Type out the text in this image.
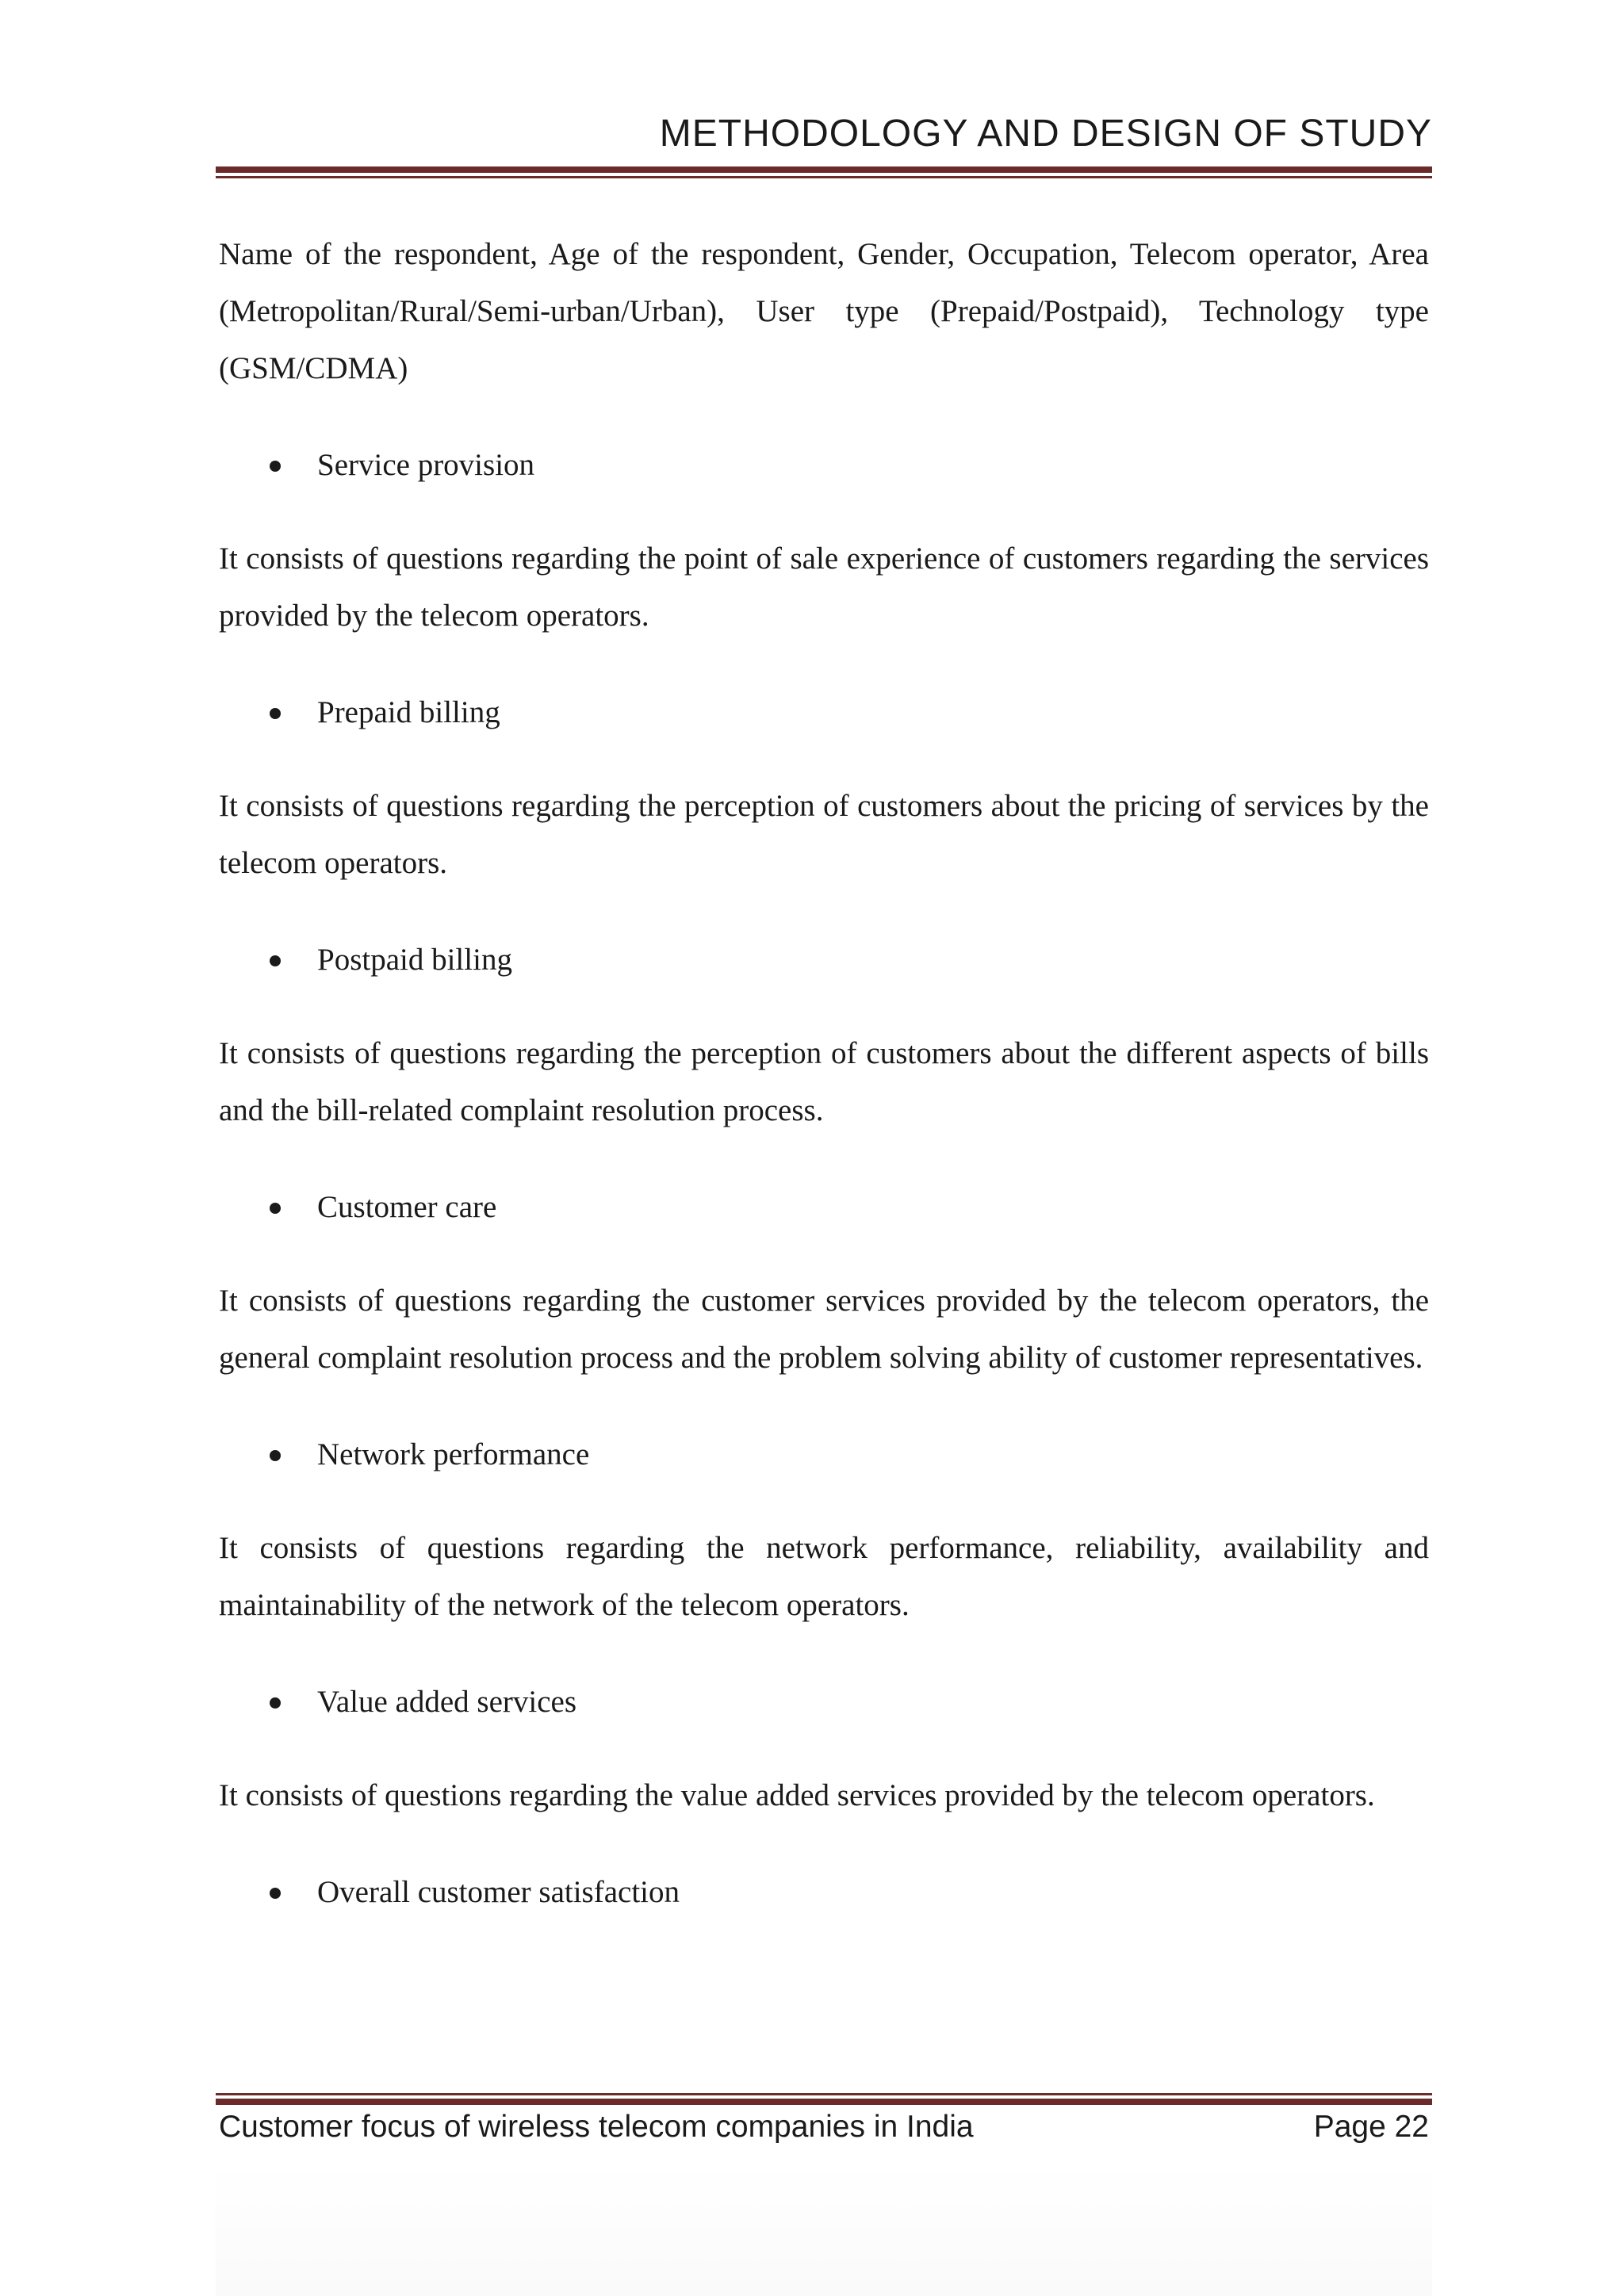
METHODOLOGY AND DESIGN OF STUDY

Name of the respondent, Age of the respondent, Gender, Occupation, Telecom operator, Area (Metropolitan/Rural/Semi-urban/Urban), User type (Prepaid/Postpaid), Technology type (GSM/CDMA)

Service provision

It consists of questions regarding the point of sale experience of customers regarding the services provided by the telecom operators.

Prepaid billing

It consists of questions regarding the perception of customers about the pricing of services by the telecom operators.

Postpaid billing

It consists of questions regarding the perception of customers about the different aspects of bills and the bill-related complaint resolution process.

Customer care

It consists of questions regarding the customer services provided by the telecom operators, the general complaint resolution process and the problem solving ability of customer representatives.

Network performance

It consists of questions regarding the network performance, reliability, availability and maintainability of the network of the telecom operators.

Value added services

It consists of questions regarding the value added services provided by the telecom operators.

Overall customer satisfaction
Customer focus of wireless telecom companies in India	Page 22
